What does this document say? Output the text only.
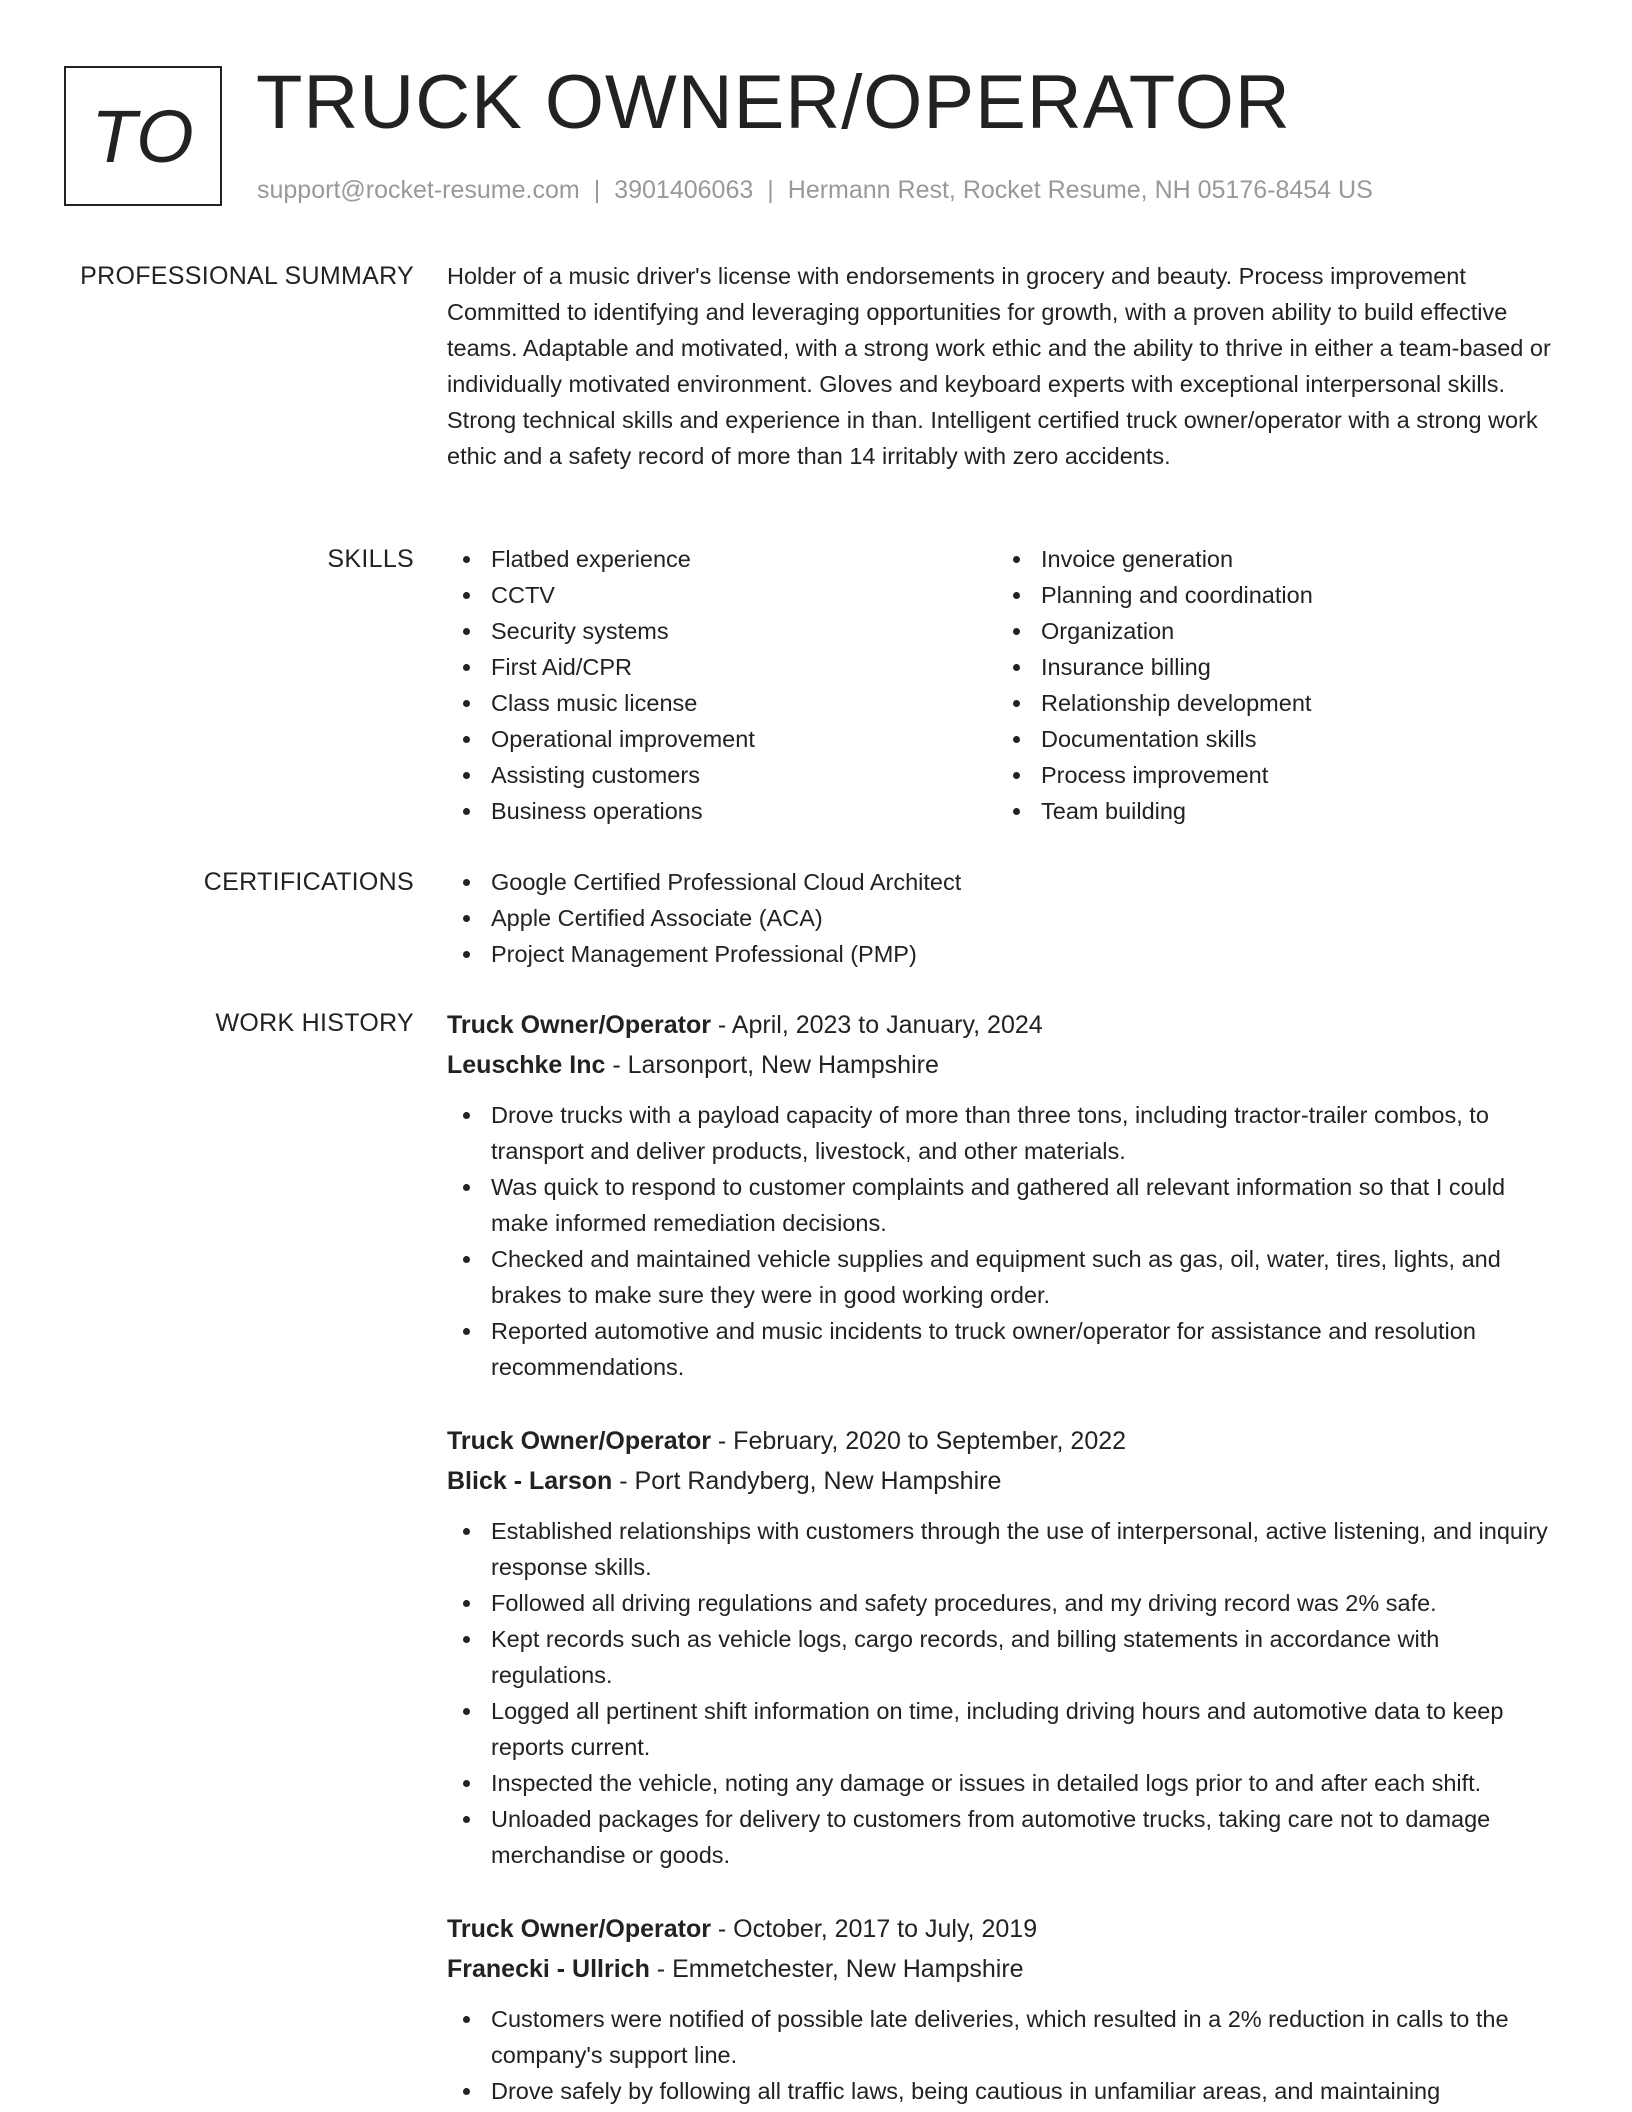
TO TRUCK OWNER/OPERATOR
support@rocket-resume.com | 3901406063 | Hermann Rest, Rocket Resume, NH 05176-8454 US
PROFESSIONAL SUMMARY Holder of a music driver's license with endorsements in grocery and beauty. Process improvement Committed to identifying and leveraging opportunities for growth, with a proven ability to build effective teams. Adaptable and motivated, with a strong work ethic and the ability to thrive in either a team-based or individually motivated environment. Gloves and keyboard experts with exceptional interpersonal skills. Strong technical skills and experience in than. Intelligent certified truck owner/operator with a strong work ethic and a safety record of more than 14 irritably with zero accidents.

SKILLS	Flatbed experience
CCTV
Security systems
First Aid/CPR
Class music license
Operational improvement
Assisting customers
Business operations
Invoice generation
Planning and coordination
Organization
Insurance billing
Relationship development
Documentation skills
Process improvement
Team building
CERTIFICATIONS	Google Certified Professional Cloud Architect
Apple Certified Associate (ACA)
Project Management Professional (PMP)
WORK HISTORY Truck Owner/Operator - April, 2023 to January, 2024
Leuschke Inc - Larsonport, New Hampshire
Drove trucks with a payload capacity of more than three tons, including tractor-trailer combos, to transport and deliver products, livestock, and other materials.
Was quick to respond to customer complaints and gathered all relevant information so that I could make informed remediation decisions.
Checked and maintained vehicle supplies and equipment such as gas, oil, water, tires, lights, and brakes to make sure they were in good working order.
Reported automotive and music incidents to truck owner/operator for assistance and resolution recommendations.
Truck Owner/Operator - February, 2020 to September, 2022
Blick - Larson - Port Randyberg, New Hampshire
Established relationships with customers through the use of interpersonal, active listening, and inquiry response skills.
Followed all driving regulations and safety procedures, and my driving record was 2% safe.
Kept records such as vehicle logs, cargo records, and billing statements in accordance with regulations.
Logged all pertinent shift information on time, including driving hours and automotive data to keep reports current.
Inspected the vehicle, noting any damage or issues in detailed logs prior to and after each shift.
Unloaded packages for delivery to customers from automotive trucks, taking care not to damage merchandise or goods.
Truck Owner/Operator - October, 2017 to July, 2019
Franecki - Ullrich - Emmetchester, New Hampshire
Customers were notified of possible late deliveries, which resulted in a 2% reduction in calls to the company's support line.
Drove safely by following all traffic laws, being cautious in unfamiliar areas, and maintaining
